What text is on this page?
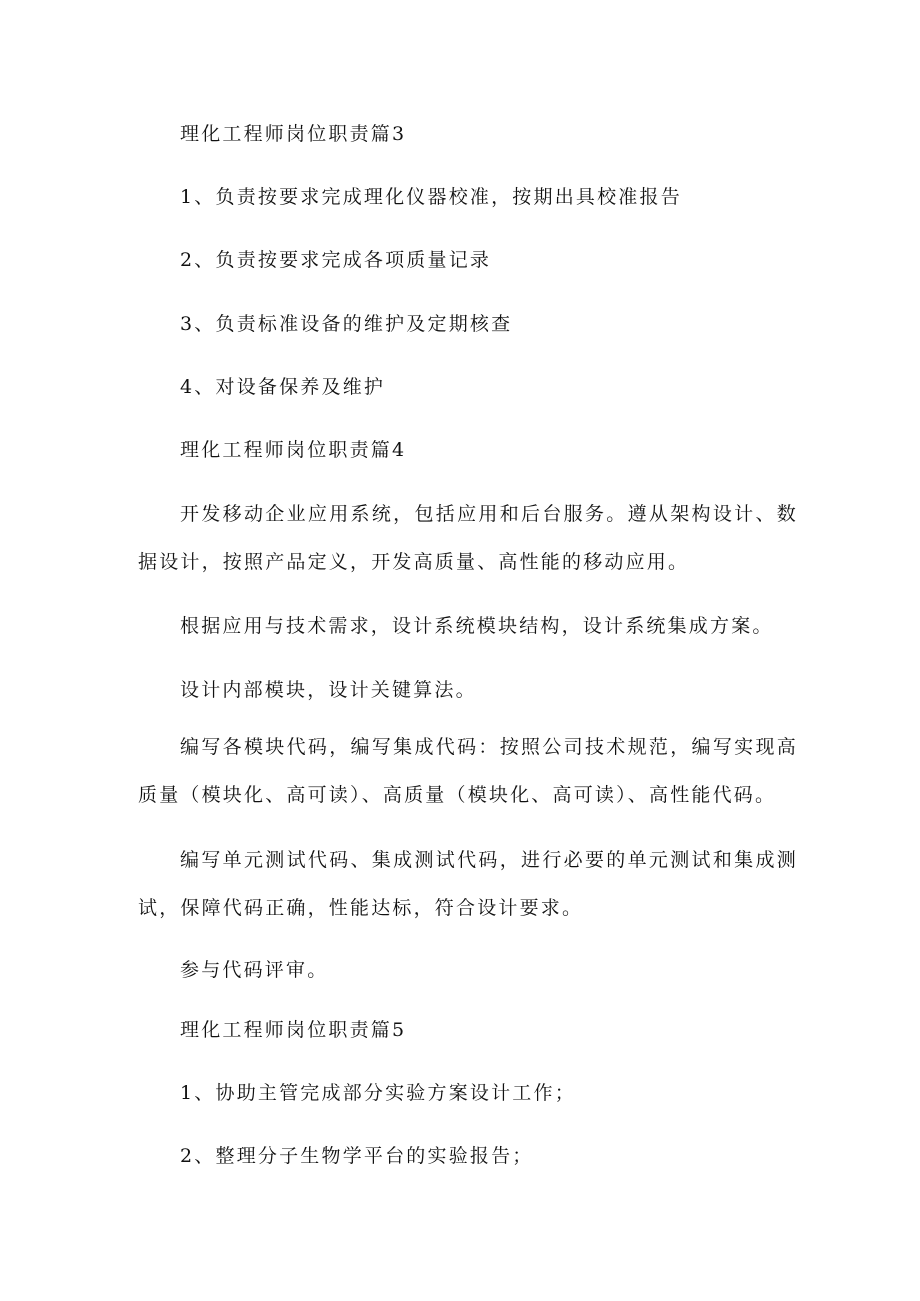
理化工程师岗位职责篇3

1、负责按要求完成理化仪器校准，按期出具校准报告

2、负责按要求完成各项质量记录

3、负责标准设备的维护及定期核查

4、对设备保养及维护

理化工程师岗位职责篇4

开发移动企业应用系统，包括应用和后台服务。遵从架构设计、数据设计，按照产品定义，开发高质量、高性能的移动应用。

根据应用与技术需求，设计系统模块结构，设计系统集成方案。

设计内部模块，设计关键算法。

编写各模块代码，编写集成代码：按照公司技术规范，编写实现高质量（模块化、高可读）、高质量（模块化、高可读）、高性能代码。

编写单元测试代码、集成测试代码，进行必要的单元测试和集成测试，保障代码正确，性能达标，符合设计要求。

参与代码评审。

理化工程师岗位职责篇5

1、协助主管完成部分实验方案设计工作；

2、整理分子生物学平台的实验报告；
